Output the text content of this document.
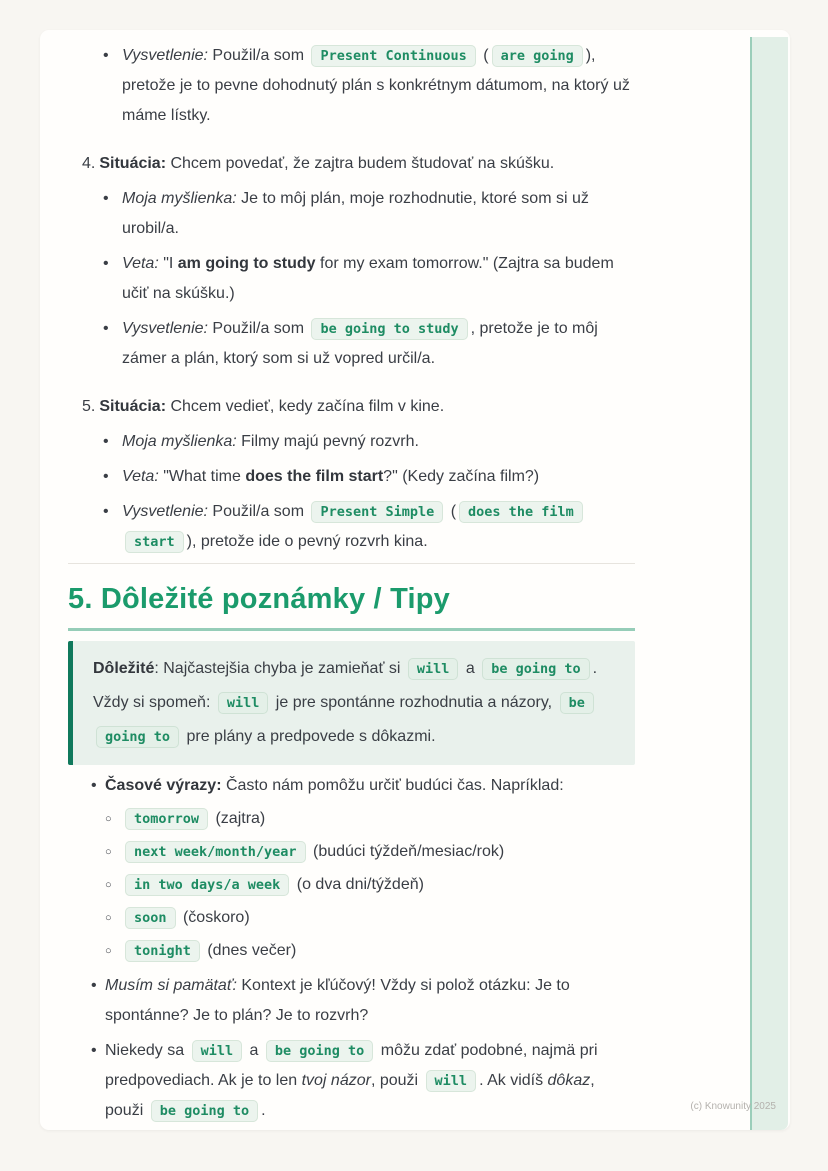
• Vysvetlenie: Použil/a som Present Continuous ( are going ), pretože je to pevne dohodnutý plán s konkrétnym dátumom, na ktorý už máme lístky.
4. Situácia: Chcem povedať, že zajtra budem študovať na skúšku.
• Moja myšlienka: Je to môj plán, moje rozhodnutie, ktoré som si už urobil/a.
• Veta: "I am going to study for my exam tomorrow." (Zajtra sa budem učiť na skúšku.)
• Vysvetlenie: Použil/a som be going to study , pretože je to môj zámer a plán, ktorý som si už vopred určil/a.
5. Situácia: Chcem vedieť, kedy začína film v kine.
• Moja myšlienka: Filmy majú pevný rozvrh.
• Veta: "What time does the film start?" (Kedy začína film?)
• Vysvetlenie: Použil/a som Present Simple ( does the film start ), pretože ide o pevný rozvrh kina.
5. Dôležité poznámky / Tipy
Dôležité: Najčastejšia chyba je zamieňať si will a be going to . Vždy si spomeň: will je pre spontánne rozhodnutia a názory, be going to pre plány a predpovede s dôkazmi.
• Časové výrazy: Často nám pomôžu určiť budúci čas. Napríklad:
○ tomorrow (zajtra)
○ next week/month/year (budúci týždeň/mesiac/rok)
○ in two days/a week (o dva dni/týždeň)
○ soon (čoskoro)
○ tonight (dnes večer)
• Musím si pamätať: Kontext je kľúčový! Vždy si polož otázku: Je to spontánne? Je to plán? Je to rozvrh?
• Niekedy sa will a be going to môžu zdať podobné, najmä pri predpovediach. Ak je to len tvoj názor, použi will . Ak vidíš dôkaz, použi be going to .	(c) Knowunity 2025
